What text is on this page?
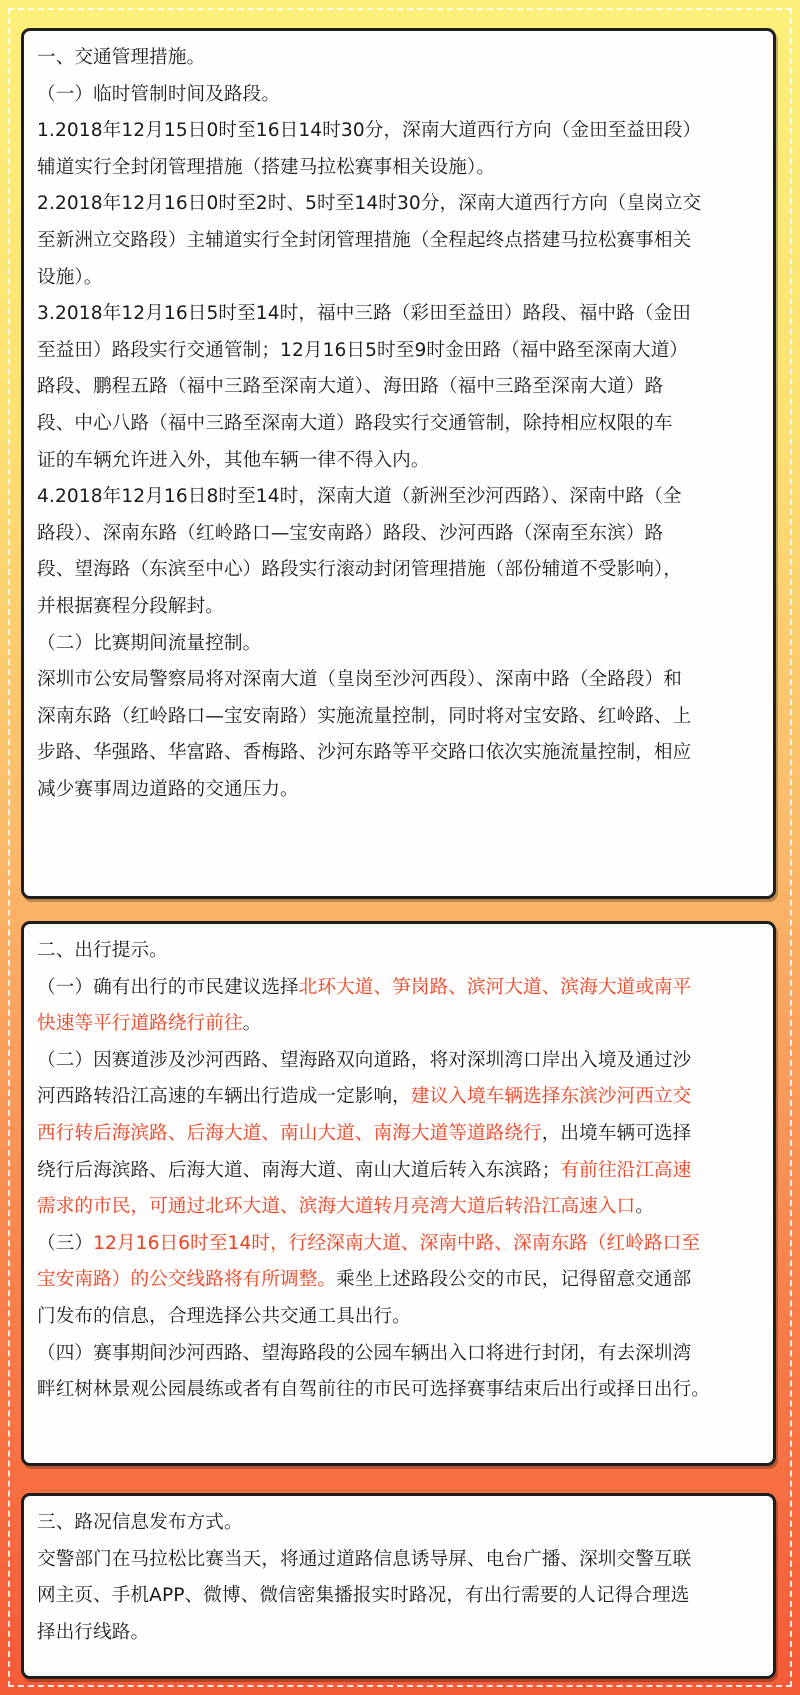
一、交通管理措施。
（一）临时管制时间及路段。
1.2018年12月15日0时至16日14时30分，深南大道西行方向（金田至益田段）
辅道实行全封闭管理措施（搭建马拉松赛事相关设施）。
2.2018年12月16日0时至2时、5时至14时30分，深南大道西行方向（皇岗立交
至新洲立交路段）主辅道实行全封闭管理措施（全程起终点搭建马拉松赛事相关
设施）。
3.2018年12月16日5时至14时，福中三路（彩田至益田）路段、福中路（金田
至益田）路段实行交通管制；12月16日5时至9时金田路（福中路至深南大道）
路段、鹏程五路（福中三路至深南大道）、海田路（福中三路至深南大道）路
段、中心八路（福中三路至深南大道）路段实行交通管制，除持相应权限的车
证的车辆允许进入外，其他车辆一律不得入内。
4.2018年12月16日8时至14时，深南大道（新洲至沙河西路）、深南中路（全
路段）、深南东路（红岭路口—宝安南路）路段、沙河西路（深南至东滨）路
段、望海路（东滨至中心）路段实行滚动封闭管理措施（部份辅道不受影响），
并根据赛程分段解封。
（二）比赛期间流量控制。
深圳市公安局警察局将对深南大道（皇岗至沙河西段）、深南中路（全路段）和
深南东路（红岭路口—宝安南路）实施流量控制，同时将对宝安路、红岭路、上
步路、华强路、华富路、香梅路、沙河东路等平交路口依次实施流量控制，相应
减少赛事周边道路的交通压力。
二、出行提示。
（一）确有出行的市民建议选择北环大道、笋岗路、滨河大道、滨海大道或南平
快速等平行道路绕行前往。
（二）因赛道涉及沙河西路、望海路双向道路，将对深圳湾口岸出入境及通过沙
河西路转沿江高速的车辆出行造成一定影响，建议入境车辆选择东滨沙河西立交
西行转后海滨路、后海大道、南山大道、南海大道等道路绕行，出境车辆可选择
绕行后海滨路、后海大道、南海大道、南山大道后转入东滨路；有前往沿江高速
需求的市民，可通过北环大道、滨海大道转月亮湾大道后转沿江高速入口。
（三）12月16日6时至14时，行经深南大道、深南中路、深南东路（红岭路口至
宝安南路）的公交线路将有所调整。乘坐上述路段公交的市民，记得留意交通部
门发布的信息，合理选择公共交通工具出行。
（四）赛事期间沙河西路、望海路段的公园车辆出入口将进行封闭，有去深圳湾
畔红树林景观公园晨练或者有自驾前往的市民可选择赛事结束后出行或择日出行。
三、路况信息发布方式。
交警部门在马拉松比赛当天，将通过道路信息诱导屏、电台广播、深圳交警互联
网主页、手机APP、微博、微信密集播报实时路况，有出行需要的人记得合理选
择出行线路。
